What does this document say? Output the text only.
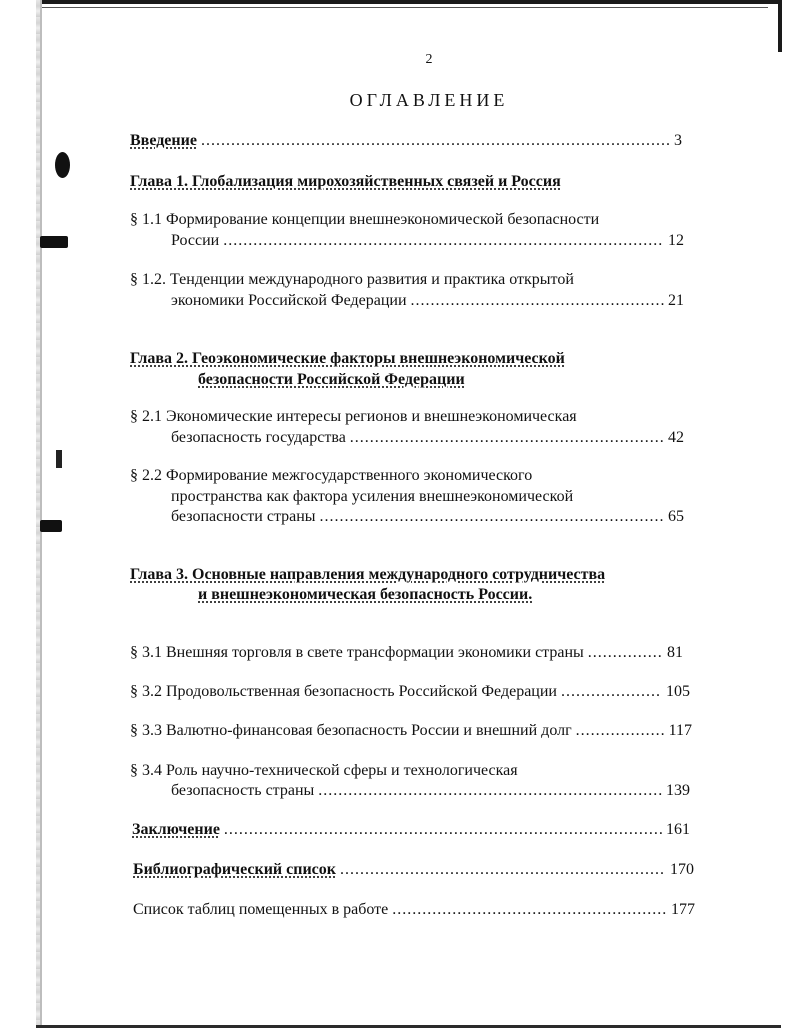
2
ОГЛАВЛЕНИЕ
Введение .....	3
Глава 1. Глобализация мирохозяйственных связей и Россия
§ 1.1 Формирование концепции внешнеэкономической безопасности
России .....	12
§ 1.2. Тенденции международного развития и практика открытой
экономики Российской Федерации .....	21
Глава 2. Геоэкономические факторы внешнеэкономической
безопасности Российской Федерации
§ 2.1 Экономические интересы регионов и внешнеэкономическая
безопасность государства .....	42
§ 2.2 Формирование межгосударственного экономического
пространства как фактора усиления внешнеэкономической
безопасности страны .....	65
Глава 3. Основные направления международного сотрудничества
и внешнеэкономическая безопасность России.
§ 3.1 Внешняя торговля в свете трансформации экономики страны .....	81
§ 3.2 Продовольственная безопасность Российской Федерации .....	105
§ 3.3 Валютно-финансовая безопасность России и внешний долг .....	117
§ 3.4 Роль научно-технической сферы и технологическая
безопасность страны .....	139
Заключение .....	161
Библиографический список .....	170
Список таблиц помещенных в работе .....	177
